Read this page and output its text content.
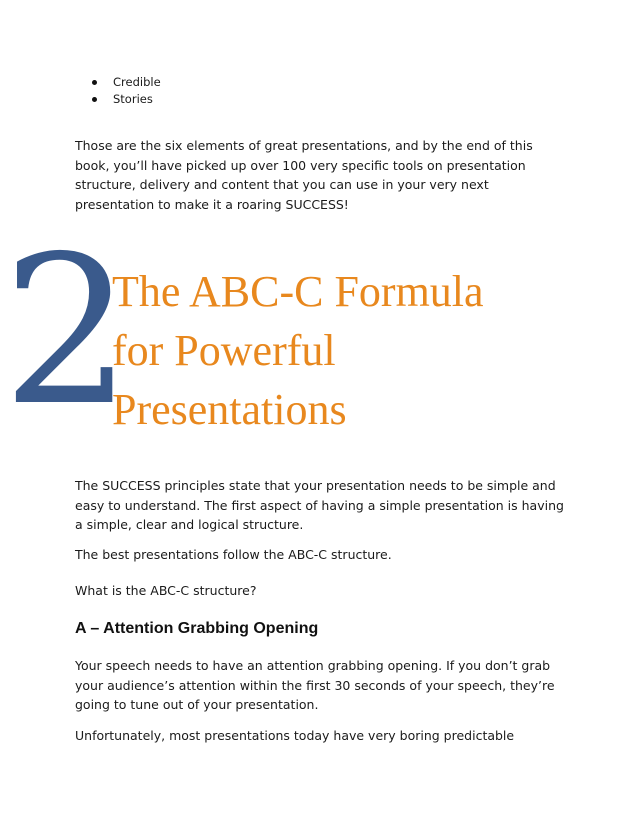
Credible
Stories

Those are the six elements of great presentations, and by the end of this book, you’ll have picked up over 100 very specific tools on presentation structure, delivery and content that you can use in your very next presentation to make it a roaring SUCCESS!

2
The ABC-C Formula
for Powerful
Presentations

The SUCCESS principles state that your presentation needs to be simple and easy to understand. The first aspect of having a simple presentation is having a simple, clear and logical structure.

The best presentations follow the ABC-C structure.

What is the ABC-C structure?

A – Attention Grabbing Opening

Your speech needs to have an attention grabbing opening. If you don’t grab your audience’s attention within the first 30 seconds of your speech, they’re going to tune out of your presentation.

Unfortunately, most presentations today have very boring predictable
